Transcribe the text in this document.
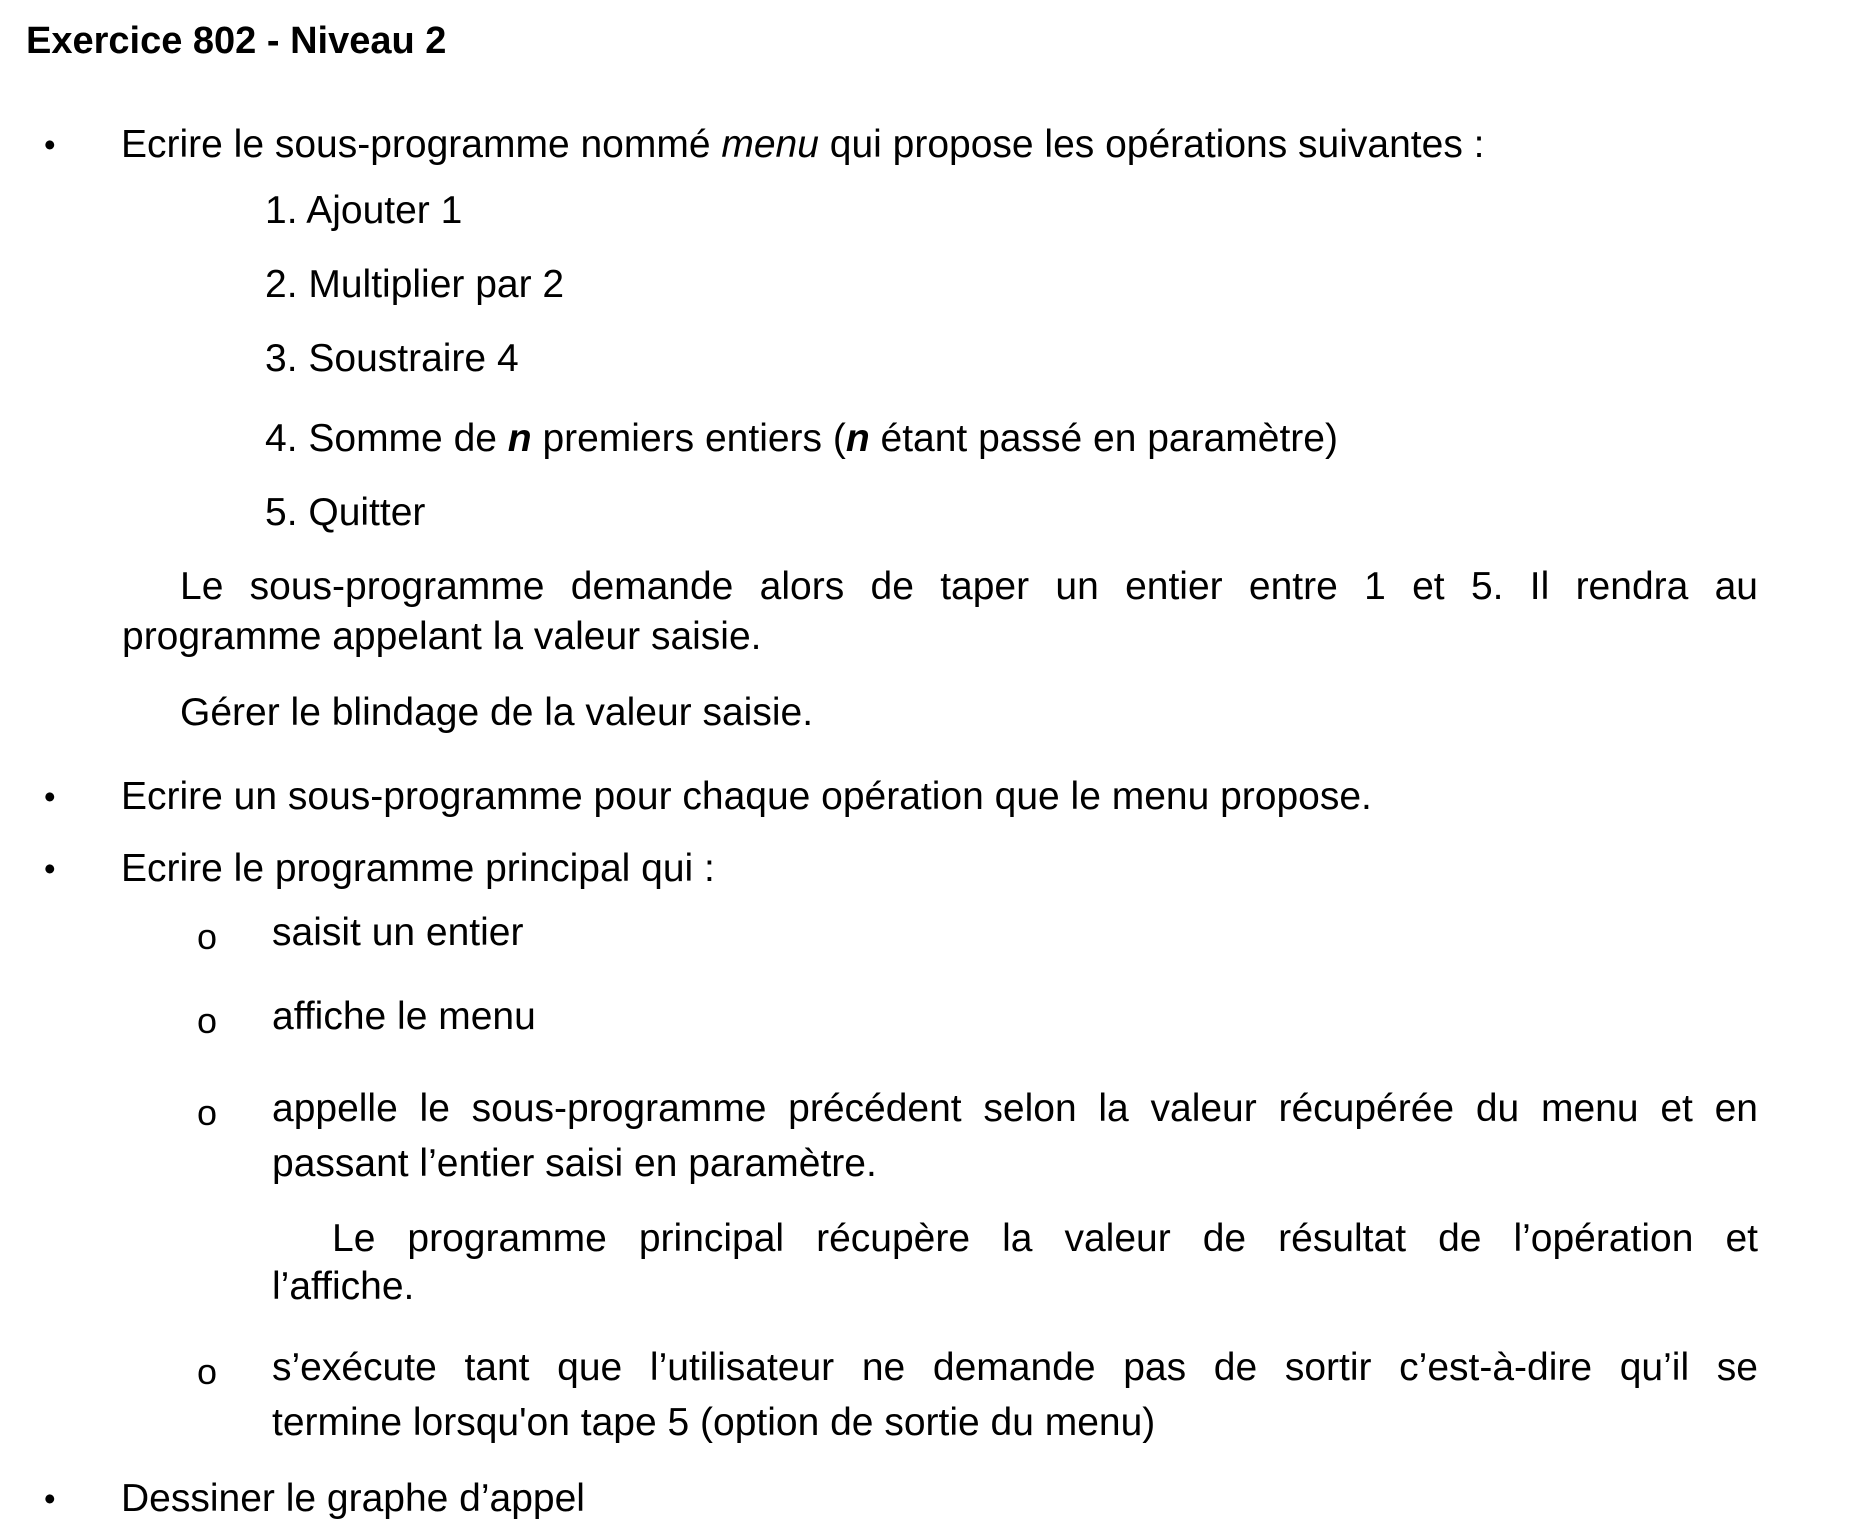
Exercice 802 - Niveau 2
• Ecrire le sous-programme nommé menu qui propose les opérations suivantes :
1. Ajouter 1
2. Multiplier par 2
3. Soustraire 4
4. Somme de n premiers entiers (n étant passé en paramètre)
5. Quitter
Le sous-programme demande alors de taper un entier entre 1 et 5. Il rendra au
programme appelant la valeur saisie.
Gérer le blindage de la valeur saisie.
• Ecrire un sous-programme pour chaque opération que le menu propose.
• Ecrire le programme principal qui :
o saisit un entier
o affiche le menu
o appelle le sous-programme précédent selon la valeur récupérée du menu et en
passant l’entier saisi en paramètre.
Le programme principal récupère la valeur de résultat de l’opération et
l’affiche.
o s’exécute tant que l’utilisateur ne demande pas de sortir c’est-à-dire qu’il se
termine lorsqu'on tape 5 (option de sortie du menu)
• Dessiner le graphe d’appel
